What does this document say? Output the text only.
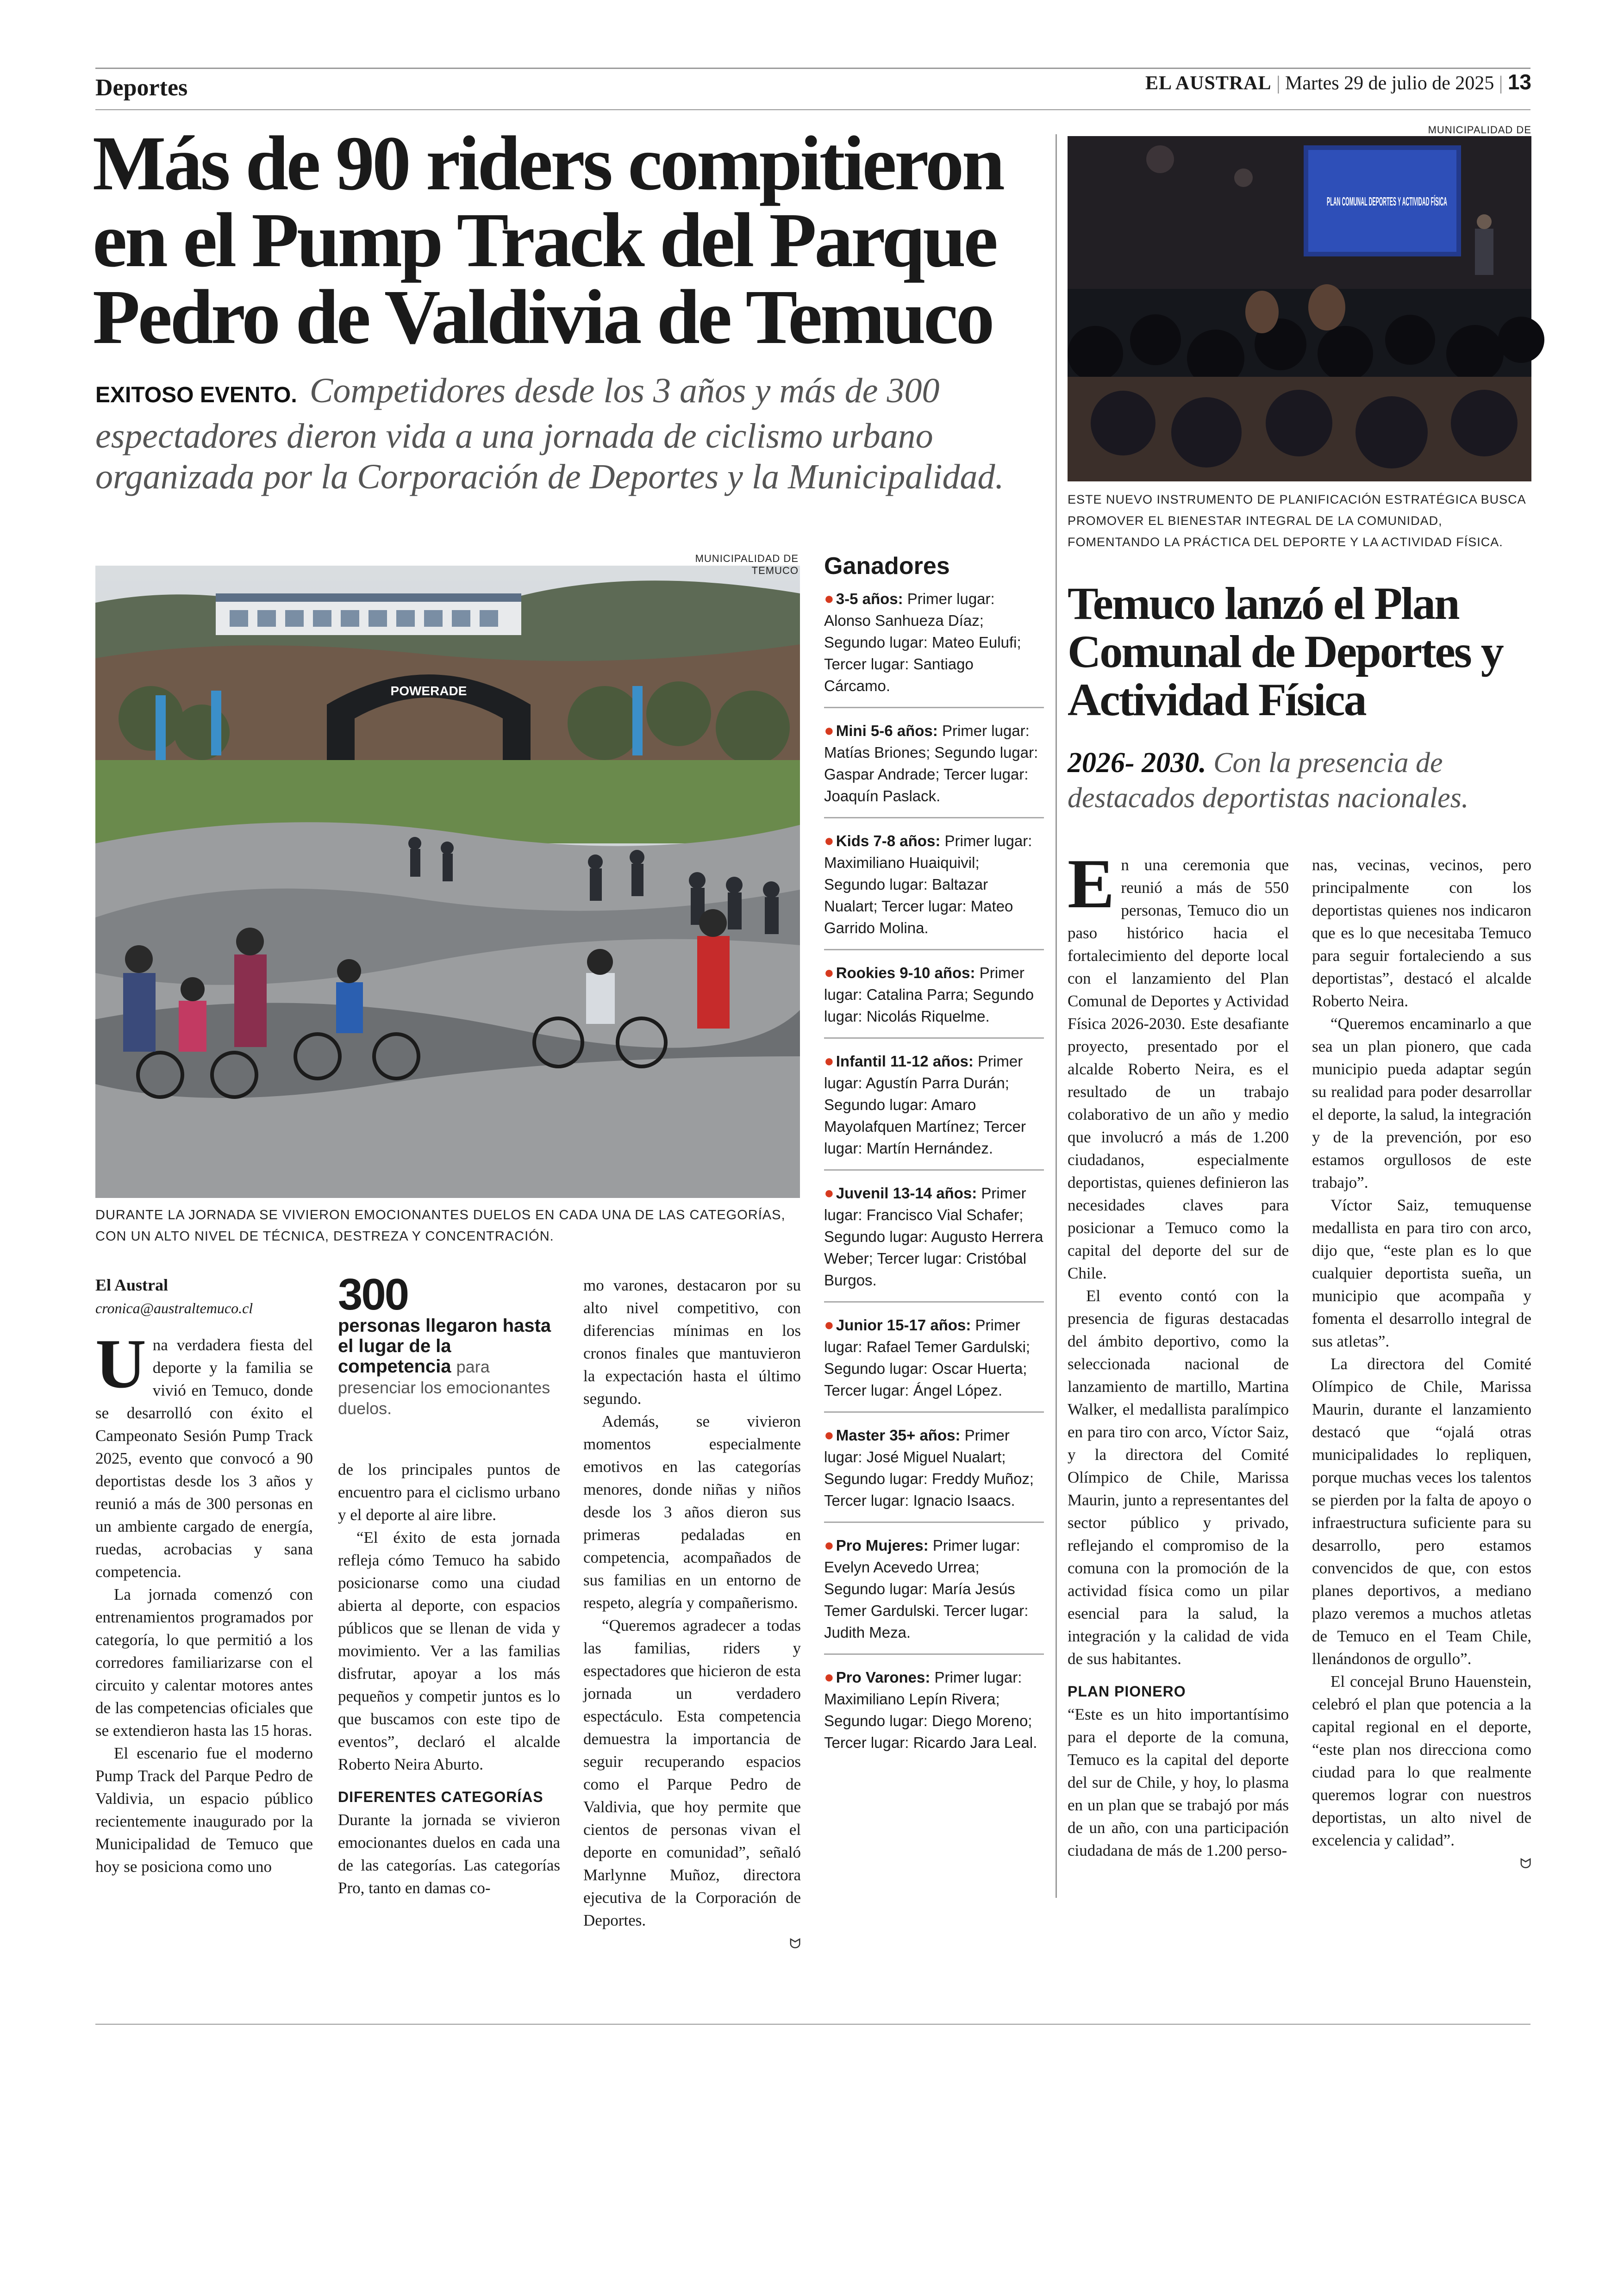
Deportes	EL AUSTRAL | Martes 29 de julio de 2025 | 13
Más de 90 riders compitieron en el Pump Track del Parque Pedro de Valdivia de Temuco
EXITOSO EVENTO. Competidores desde los 3 años y más de 300 espectadores dieron vida a una jornada de ciclismo urbano organizada por la Corporación de Deportes y la Municipalidad.
POWERADE
MUNICIPALIDAD DE TEMUCO
DURANTE LA JORNADA SE VIVIERON EMOCIONANTES DUELOS EN CADA UNA DE LAS CATEGORÍAS, CON UN ALTO NIVEL DE TÉCNICA, DESTREZA Y CONCENTRACIÓN.
El Austral
cronica@australtemuco.cl

Una verdadera fiesta del deporte y la familia se vivió en Temuco, donde se desarrolló con éxito el Campeonato Sesión Pump Track 2025, evento que convocó a 90 deportistas desde los 3 años y reunió a más de 300 personas en un ambiente cargado de energía, ruedas, acrobacias y sana competencia.

La jornada comenzó con entrenamientos programados por categoría, lo que permitió a los corredores familiarizarse con el circuito y calentar motores antes de las competencias oficiales que se extendieron hasta las 15 horas.

El escenario fue el moderno Pump Track del Parque Pedro de Valdivia, un espacio público recientemente inaugurado por la Municipalidad de Temuco que hoy se posiciona como uno

300
personas llegaron hasta el lugar de la competencia para presenciar los emocionantes duelos.

de los principales puntos de encuentro para el ciclismo urbano y el deporte al aire libre.

“El éxito de esta jornada refleja cómo Temuco ha sabido posicionarse como una ciudad abierta al deporte, con espacios públicos que se llenan de vida y movimiento. Ver a las familias disfrutar, apoyar a los más pequeños y competir juntos es lo que buscamos con este tipo de eventos”, declaró el alcalde Roberto Neira Aburto.

DIFERENTES CATEGORÍAS

Durante la jornada se vivieron emocionantes duelos en cada una de las categorías. Las categorías Pro, tanto en damas co-

mo varones, destacaron por su alto nivel competitivo, con diferencias mínimas en los cronos finales que mantuvieron la expectación hasta el último segundo.

Además, se vivieron momentos especialmente emotivos en las categorías menores, donde niñas y niños desde los 3 años dieron sus primeras pedaladas en competencia, acompañados de sus familias en un entorno de respeto, alegría y compañerismo.

“Queremos agradecer a todas las familias, riders y espectadores que hicieron de esta jornada un verdadero espectáculo. Esta competencia demuestra la importancia de seguir recuperando espacios como el Parque Pedro de Valdivia, que hoy permite que cientos de personas vivan el deporte en comunidad”, señaló Marlynne Muñoz, directora ejecutiva de la Corporación de Deportes.

ᗢ
Ganadores
● 3-5 años: Primer lugar: Alonso Sanhueza Díaz; Segundo lugar: Mateo Eulufi; Tercer lugar: Santiago Cárcamo.
● Mini 5-6 años: Primer lugar: Matías Briones; Segundo lugar: Gaspar Andrade; Tercer lugar: Joaquín Paslack.
● Kids 7-8 años: Primer lugar: Maximiliano Huaiquivil; Segundo lugar: Baltazar Nualart; Tercer lugar: Mateo Garrido Molina.
● Rookies 9-10 años: Primer lugar: Catalina Parra; Segundo lugar: Nicolás Riquelme.
● Infantil 11-12 años: Primer lugar: Agustín Parra Durán; Segundo lugar: Amaro Mayolafquen Martínez; Tercer lugar: Martín Hernández.
● Juvenil 13-14 años: Primer lugar: Francisco Vial Schafer; Segundo lugar: Augusto Herrera Weber; Tercer lugar: Cristóbal Burgos.
● Junior 15-17 años: Primer lugar: Rafael Temer Gardulski; Segundo lugar: Oscar Huerta; Tercer lugar: Ángel López.
● Master 35+ años: Primer lugar: José Miguel Nualart; Segundo lugar: Freddy Muñoz; Tercer lugar: Ignacio Isaacs.
● Pro Mujeres: Primer lugar: Evelyn Acevedo Urrea; Segundo lugar: María Jesús Temer Gardulski. Tercer lugar: Judith Meza.
● Pro Varones: Primer lugar: Maximiliano Lepín Rivera; Segundo lugar: Diego Moreno; Tercer lugar: Ricardo Jara Leal.
MUNICIPALIDAD DE
PLAN COMUNAL DEPORTES Y ACTIVIDAD FÍSICA
ESTE NUEVO INSTRUMENTO DE PLANIFICACIÓN ESTRATÉGICA BUSCA PROMOVER EL BIENESTAR INTEGRAL DE LA COMUNIDAD, FOMENTANDO LA PRÁCTICA DEL DEPORTE Y LA ACTIVIDAD FÍSICA.
Temuco lanzó el Plan Comunal de Deportes y Actividad Física
2026- 2030. Con la presencia de destacados deportistas nacionales.

En una ceremonia que reunió a más de 550 personas, Temuco dio un paso histórico hacia el fortalecimiento del deporte local con el lanzamiento del Plan Comunal de Deportes y Actividad Física 2026-2030. Este desafiante proyecto, presentado por el alcalde Roberto Neira, es el resultado de un trabajo colaborativo de un año y medio que involucró a más de 1.200 ciudadanos, especialmente deportistas, quienes definieron las necesidades claves para posicionar a Temuco como la capital del deporte del sur de Chile.

El evento contó con la presencia de figuras destacadas del ámbito deportivo, como la seleccionada nacional de lanzamiento de martillo, Martina Walker, el medallista paralímpico en para tiro con arco, Víctor Saiz, y la directora del Comité Olímpico de Chile, Marissa Maurin, junto a representantes del sector público y privado, reflejando el compromiso de la comuna con la promoción de la actividad física como un pilar esencial para la salud, la integración y la calidad de vida de sus habitantes.

PLAN PIONERO

“Este es un hito importantísimo para el deporte de la comuna, Temuco es la capital del deporte del sur de Chile, y hoy, lo plasma en un plan que se trabajó por más de un año, con una participación ciudadana de más de 1.200 perso-

nas, vecinas, vecinos, pero principalmente con los deportistas quienes nos indicaron que es lo que necesitaba Temuco para seguir fortaleciendo a sus deportistas”, destacó el alcalde Roberto Neira.

“Queremos encaminarlo a que sea un plan pionero, que cada municipio pueda adaptar según su realidad para poder desarrollar el deporte, la salud, la integración y de la prevención, por eso estamos orgullosos de este trabajo”.

Víctor Saiz, temuquense medallista en para tiro con arco, dijo que, “este plan es lo que cualquier deportista sueña, un municipio que acompaña y fomenta el desarrollo integral de sus atletas”.

La directora del Comité Olímpico de Chile, Marissa Maurin, durante el lanzamiento destacó que “ojalá otras municipalidades lo repliquen, porque muchas veces los talentos se pierden por la falta de apoyo o infraestructura suficiente para su desarrollo, pero estamos convencidos de que, con estos planes deportivos, a mediano plazo veremos a muchos atletas de Temuco en el Team Chile, llenándonos de orgullo”.

El concejal Bruno Hauenstein, celebró el plan que potencia a la capital regional en el deporte, “este plan nos direcciona como ciudad para lo que realmente queremos lograr con nuestros deportistas, un alto nivel de excelencia y calidad”.

ᗢ
